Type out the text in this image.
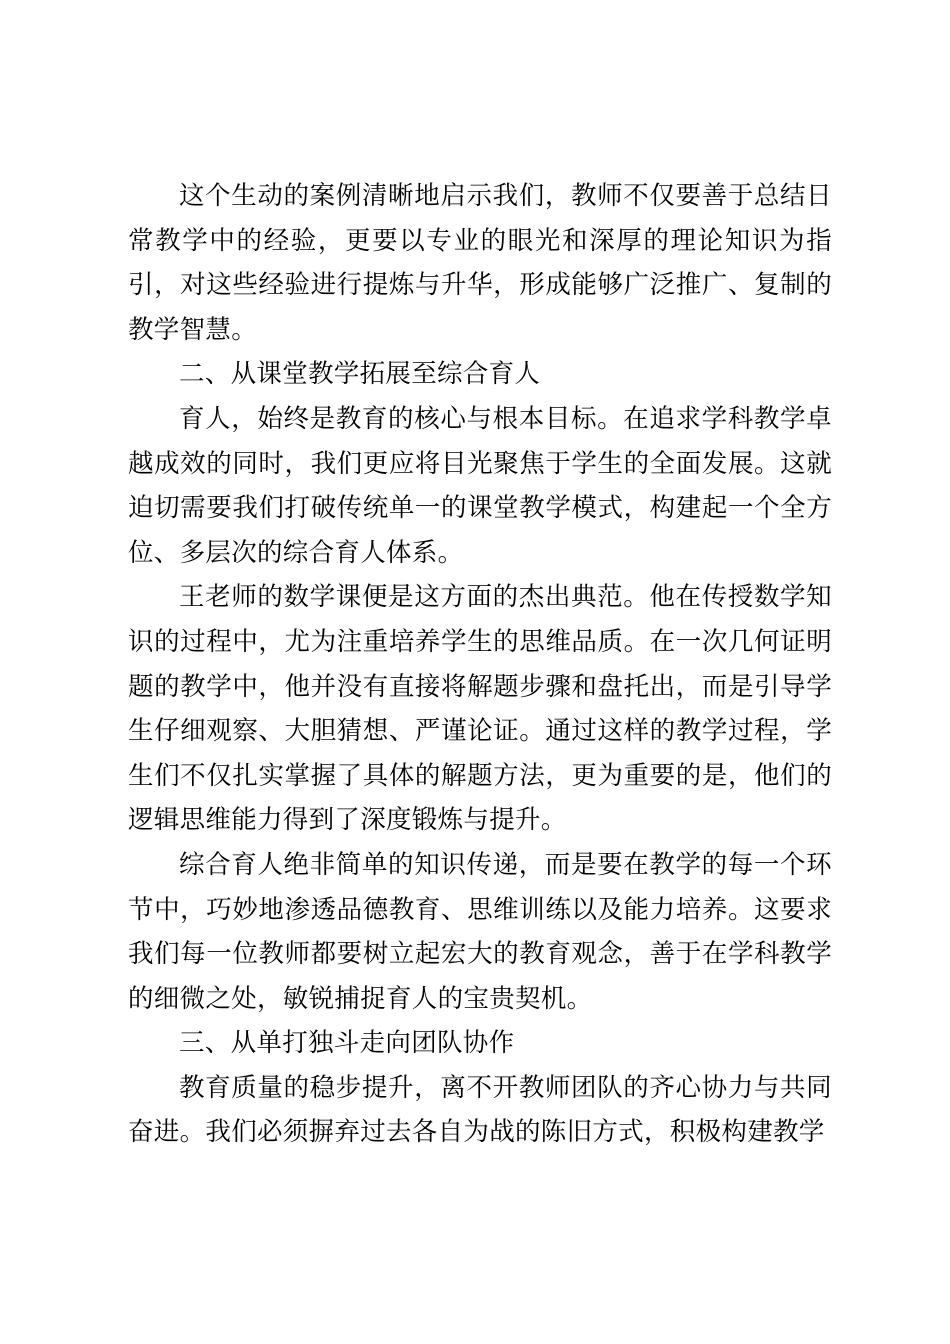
这个生动的案例清晰地启示我们，教师不仅要善于总结日常教学中的经验，更要以专业的眼光和深厚的理论知识为指引，对这些经验进行提炼与升华，形成能够广泛推广、复制的教学智慧。

二、从课堂教学拓展至综合育人

育人，始终是教育的核心与根本目标。在追求学科教学卓越成效的同时，我们更应将目光聚焦于学生的全面发展。这就迫切需要我们打破传统单一的课堂教学模式，构建起一个全方位、多层次的综合育人体系。

王老师的数学课便是这方面的杰出典范。他在传授数学知识的过程中，尤为注重培养学生的思维品质。在一次几何证明题的教学中，他并没有直接将解题步骤和盘托出，而是引导学生仔细观察、大胆猜想、严谨论证。通过这样的教学过程，学生们不仅扎实掌握了具体的解题方法，更为重要的是，他们的逻辑思维能力得到了深度锻炼与提升。

综合育人绝非简单的知识传递，而是要在教学的每一个环节中，巧妙地渗透品德教育、思维训练以及能力培养。这要求我们每一位教师都要树立起宏大的教育观念，善于在学科教学的细微之处，敏锐捕捉育人的宝贵契机。

三、从单打独斗走向团队协作

教育质量的稳步提升，离不开教师团队的齐心协力与共同奋进。我们必须摒弃过去各自为战的陈旧方式，积极构建教学
